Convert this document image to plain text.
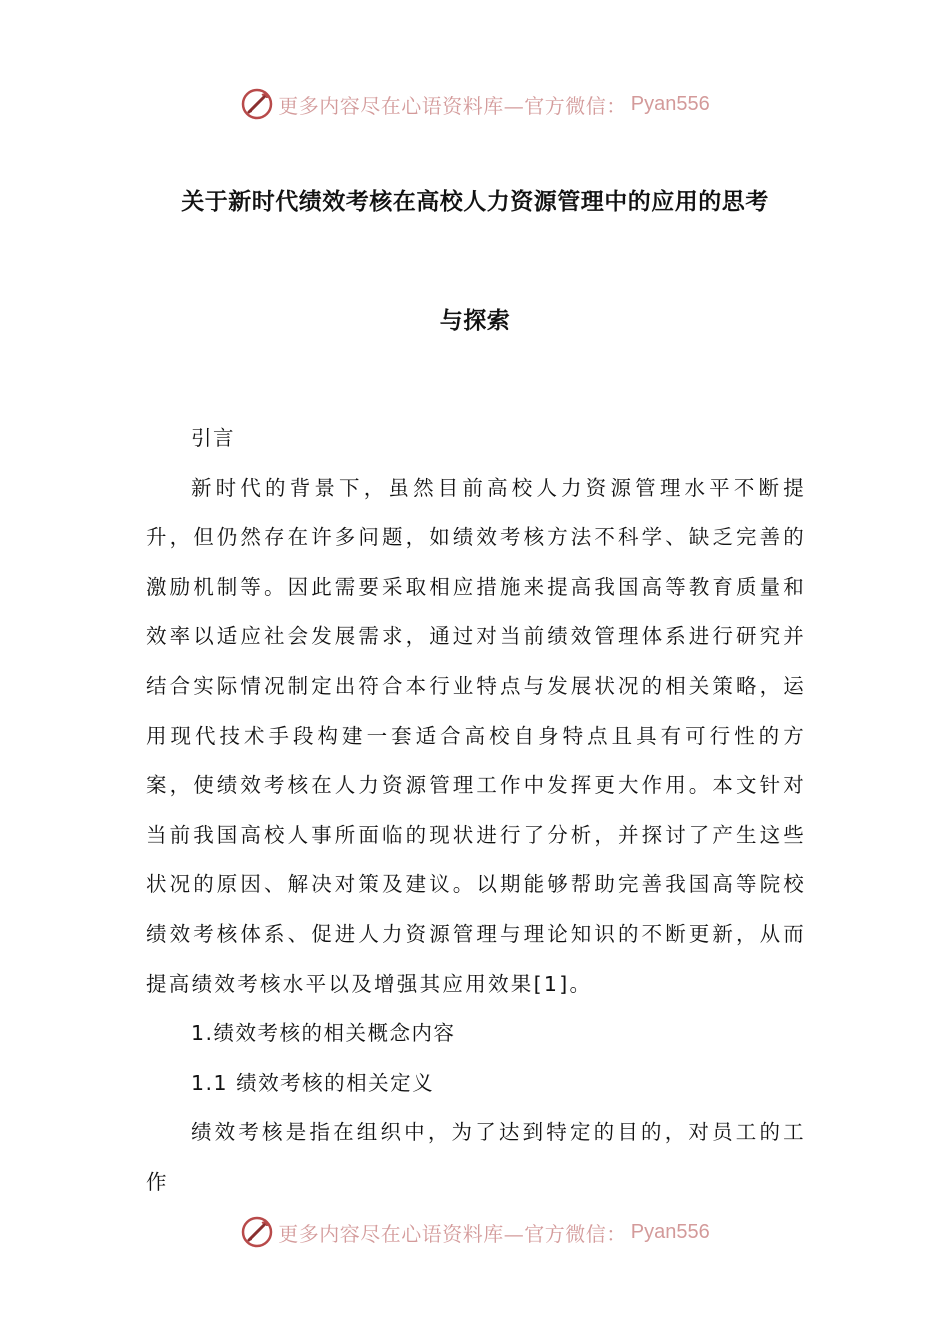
更多内容尽在心语资料库—官方微信： Pyan556
关于新时代绩效考核在高校人力资源管理中的应用的思考
与探索

引言

新时代的背景下，虽然目前高校人力资源管理水平不断提升，但仍然存在许多问题，如绩效考核方法不科学、缺乏完善的激励机制等。因此需要采取相应措施来提高我国高等教育质量和效率以适应社会发展需求，通过对当前绩效管理体系进行研究并结合实际情况制定出符合本行业特点与发展状况的相关策略，运用现代技术手段构建一套适合高校自身特点且具有可行性的方案，使绩效考核在人力资源管理工作中发挥更大作用。本文针对当前我国高校人事所面临的现状进行了分析，并探讨了产生这些状况的原因、解决对策及建议。以期能够帮助完善我国高等院校绩效考核体系、促进人力资源管理与理论知识的不断更新，从而提高绩效考核水平以及增强其应用效果[1]。

1.绩效考核的相关概念内容

1.1 绩效考核的相关定义

绩效考核是指在组织中，为了达到特定的目的，对员工的工作

更多内容尽在心语资料库—官方微信： Pyan556
